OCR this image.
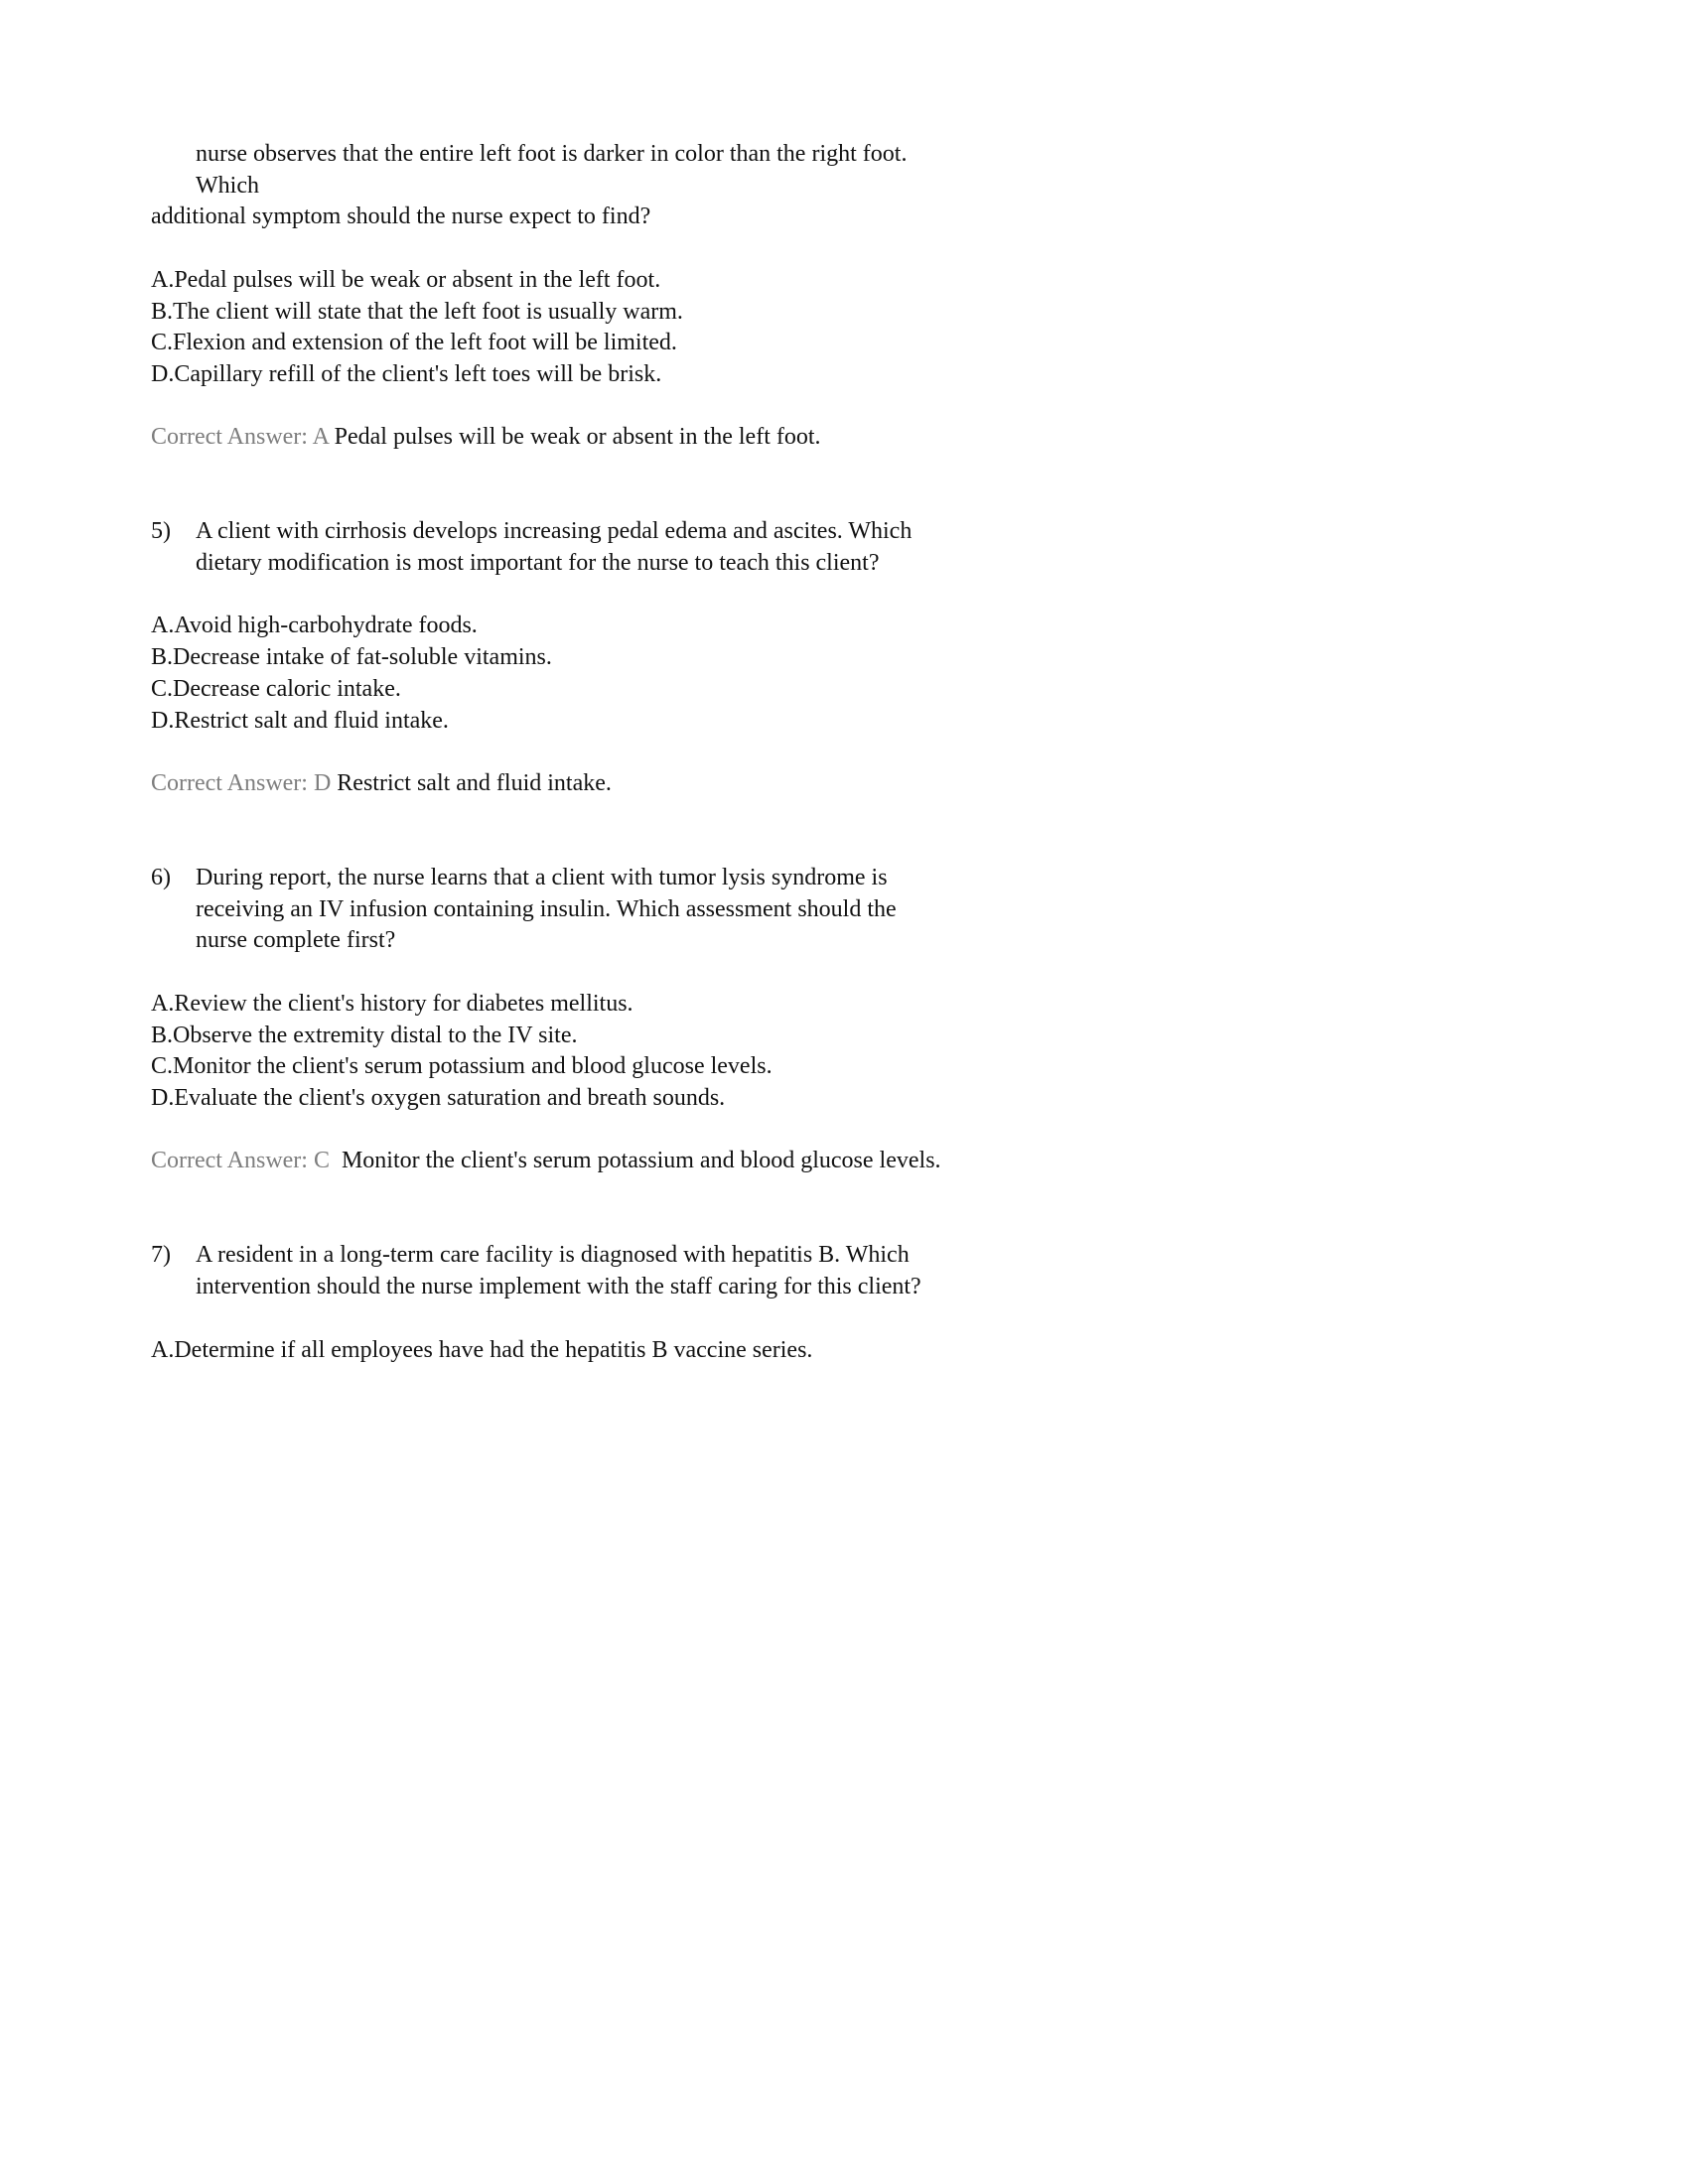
nurse observes that the entire left foot is darker in color than the right foot.
Which
additional symptom should the nurse expect to find?
A.Pedal pulses will be weak or absent in the left foot.
B.The client will state that the left foot is usually warm.
C.Flexion and extension of the left foot will be limited.
D.Capillary refill of the client's left toes will be brisk.
Correct Answer: A Pedal pulses will be weak or absent in the left foot.
5)	A client with cirrhosis develops increasing pedal edema and ascites. Which
dietary modification is most important for the nurse to teach this client?
A.Avoid high-carbohydrate foods.
B.Decrease intake of fat-soluble vitamins.
C.Decrease caloric intake.
D.Restrict salt and fluid intake.
Correct Answer: D Restrict salt and fluid intake.
6)	During report, the nurse learns that a client with tumor lysis syndrome is
receiving an IV infusion containing insulin. Which assessment should the
nurse complete first?
A.Review the client's history for diabetes mellitus.
B.Observe the extremity distal to the IV site.
C.Monitor the client's serum potassium and blood glucose levels.
D.Evaluate the client's oxygen saturation and breath sounds.
Correct Answer: C Monitor the client's serum potassium and blood glucose levels.
7)	A resident in a long-term care facility is diagnosed with hepatitis B. Which
intervention should the nurse implement with the staff caring for this client?
A.Determine if all employees have had the hepatitis B vaccine series.
